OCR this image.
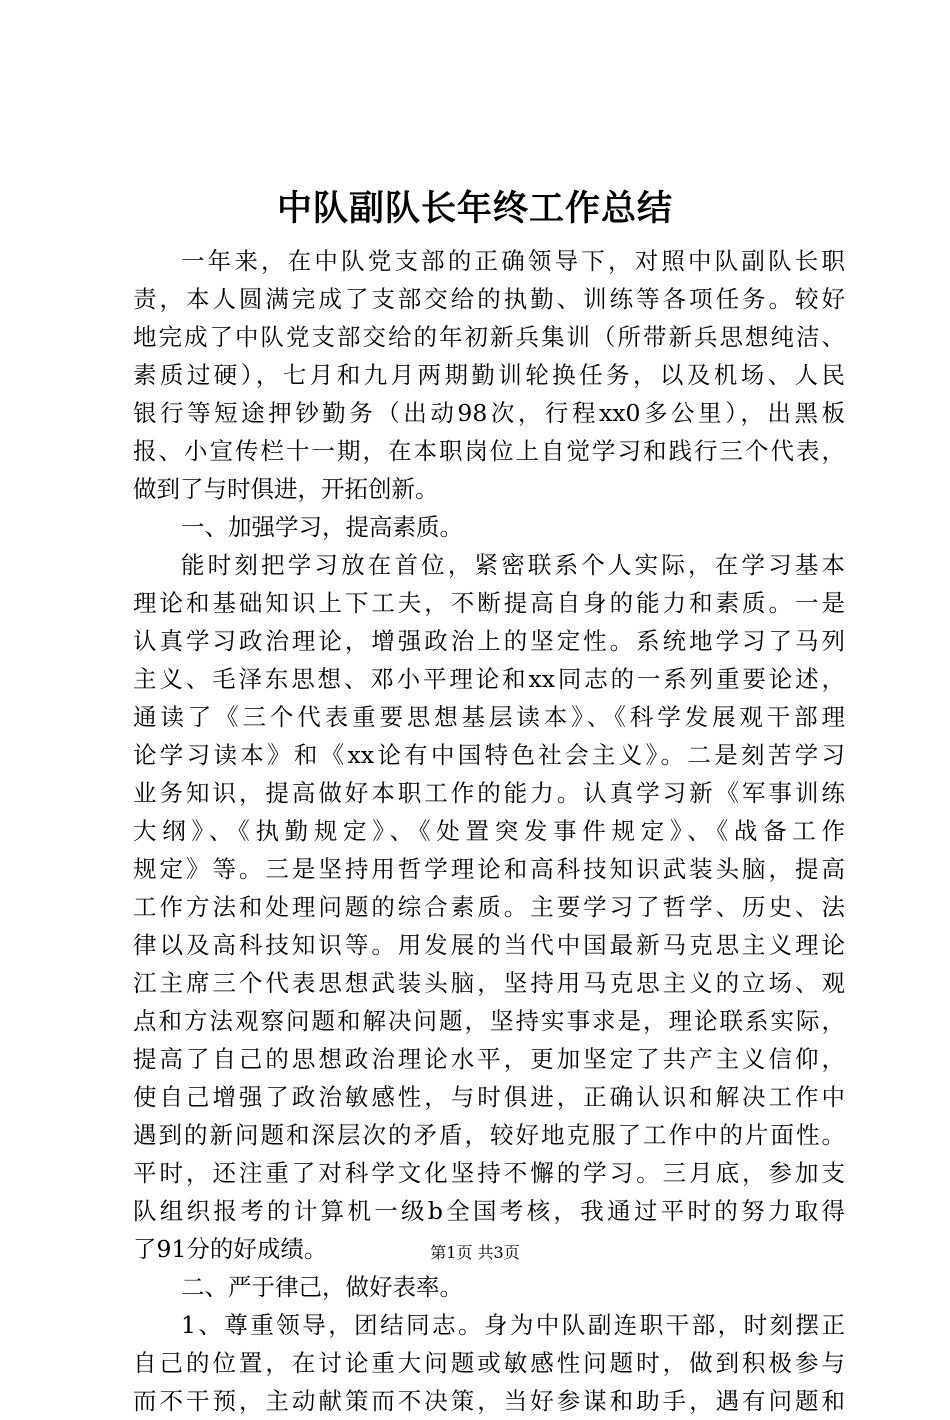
中队副队长年终工作总结
一年来，在中队党支部的正确领导下，对照中队副队长职
责，本人圆满完成了支部交给的执勤、训练等各项任务。较好
地完成了中队党支部交给的年初新兵集训（所带新兵思想纯洁、
素质过硬），七月和九月两期勤训轮换任务，以及机场、人民
银行等短途押钞勤务（出动98次，行程xx0多公里），出黑板
报、小宣传栏十一期，在本职岗位上自觉学习和践行三个代表，
做到了与时俱进，开拓创新。
一、加强学习，提高素质。
能时刻把学习放在首位，紧密联系个人实际，在学习基本
理论和基础知识上下工夫，不断提高自身的能力和素质。一是
认真学习政治理论，增强政治上的坚定性。系统地学习了马列
主义、毛泽东思想、邓小平理论和xx同志的一系列重要论述，
通读了《三个代表重要思想基层读本》、《科学发展观干部理
论学习读本》和《xx论有中国特色社会主义》。二是刻苦学习
业务知识，提高做好本职工作的能力。认真学习新《军事训练
大纲》、《执勤规定》、《处置突发事件规定》、《战备工作
规定》等。三是坚持用哲学理论和高科技知识武装头脑，提高
工作方法和处理问题的综合素质。主要学习了哲学、历史、法
律以及高科技知识等。用发展的当代中国最新马克思主义理论
江主席三个代表思想武装头脑，坚持用马克思主义的立场、观
点和方法观察问题和解决问题，坚持实事求是，理论联系实际，
提高了自己的思想政治理论水平，更加坚定了共产主义信仰，
使自己增强了政治敏感性，与时俱进，正确认识和解决工作中
遇到的新问题和深层次的矛盾，较好地克服了工作中的片面性。
平时，还注重了对科学文化坚持不懈的学习。三月底，参加支
队组织报考的计算机一级b全国考核，我通过平时的努力取得
了91分的好成绩。
二、严于律己，做好表率。
1、尊重领导，团结同志。身为中队副连职干部，时刻摆正
自己的位置，在讨论重大问题或敏感性问题时，做到积极参与
而不干预，主动献策而不决策，当好参谋和助手，遇有问题和
第1页 共3页
